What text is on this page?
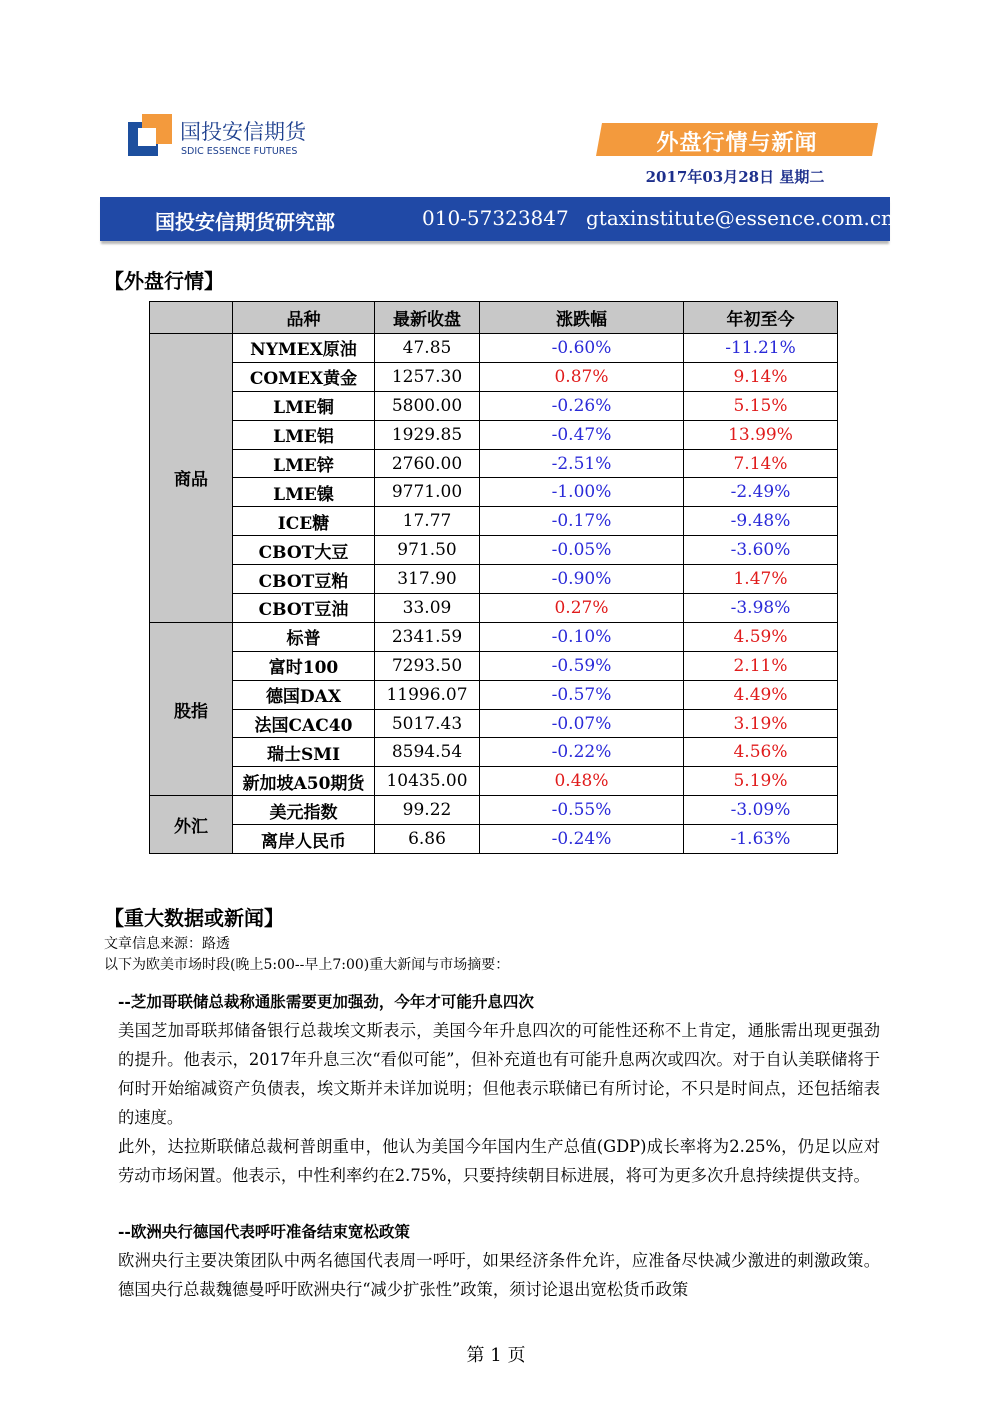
国投安信期货
SDIC ESSENCE FUTURES	外盘行情与新闻
2017年03月28日 星期二
国投安信期货研究部	010-57323847 gtaxinstitute@essence.com.cn
【外盘行情】
	品种	最新收盘	涨跌幅	年初至今
商品	NYMEX原油	47.85	-0.60%	-11.21%
	COMEX黄金	1257.30	0.87%	9.14%
	LME铜	5800.00	-0.26%	5.15%
	LME铝	1929.85	-0.47%	13.99%
	LME锌	2760.00	-2.51%	7.14%
	LME镍	9771.00	-1.00%	-2.49%
	ICE糖	17.77	-0.17%	-9.48%
	CBOT大豆	971.50	-0.05%	-3.60%
	CBOT豆粕	317.90	-0.90%	1.47%
	CBOT豆油	33.09	0.27%	-3.98%
股指	标普	2341.59	-0.10%	4.59%
	富时100	7293.50	-0.59%	2.11%
	德国DAX	11996.07	-0.57%	4.49%
	法国CAC40	5017.43	-0.07%	3.19%
	瑞士SMI	8594.54	-0.22%	4.56%
	新加坡A50期货	10435.00	0.48%	5.19%
外汇	美元指数	99.22	-0.55%	-3.09%
	离岸人民币	6.86	-0.24%	-1.63%
【重大数据或新闻】
文章信息来源：路透
以下为欧美市场时段(晚上5:00--早上7:00)重大新闻与市场摘要：
--芝加哥联储总裁称通胀需要更加强劲，今年才可能升息四次
美国芝加哥联邦储备银行总裁埃文斯表示，美国今年升息四次的可能性还称不上肯定，通胀需出现更强劲的提升。他表示，2017年升息三次“看似可能”，但补充道也有可能升息两次或四次。对于自认美联储将于何时开始缩减资产负债表，埃文斯并未详加说明；但他表示联储已有所讨论，不只是时间点，还包括缩表的速度。
此外，达拉斯联储总裁柯普朗重申，他认为美国今年国内生产总值(GDP)成长率将为2.25%，仍足以应对劳动市场闲置。他表示，中性利率约在2.75%，只要持续朝目标进展，将可为更多次升息持续提供支持。
--欧洲央行德国代表呼吁准备结束宽松政策
欧洲央行主要决策团队中两名德国代表周一呼吁，如果经济条件允许，应准备尽快减少激进的刺激政策。德国央行总裁魏德曼呼吁欧洲央行“减少扩张性”政策，须讨论退出宽松货币政策
第 1 页
